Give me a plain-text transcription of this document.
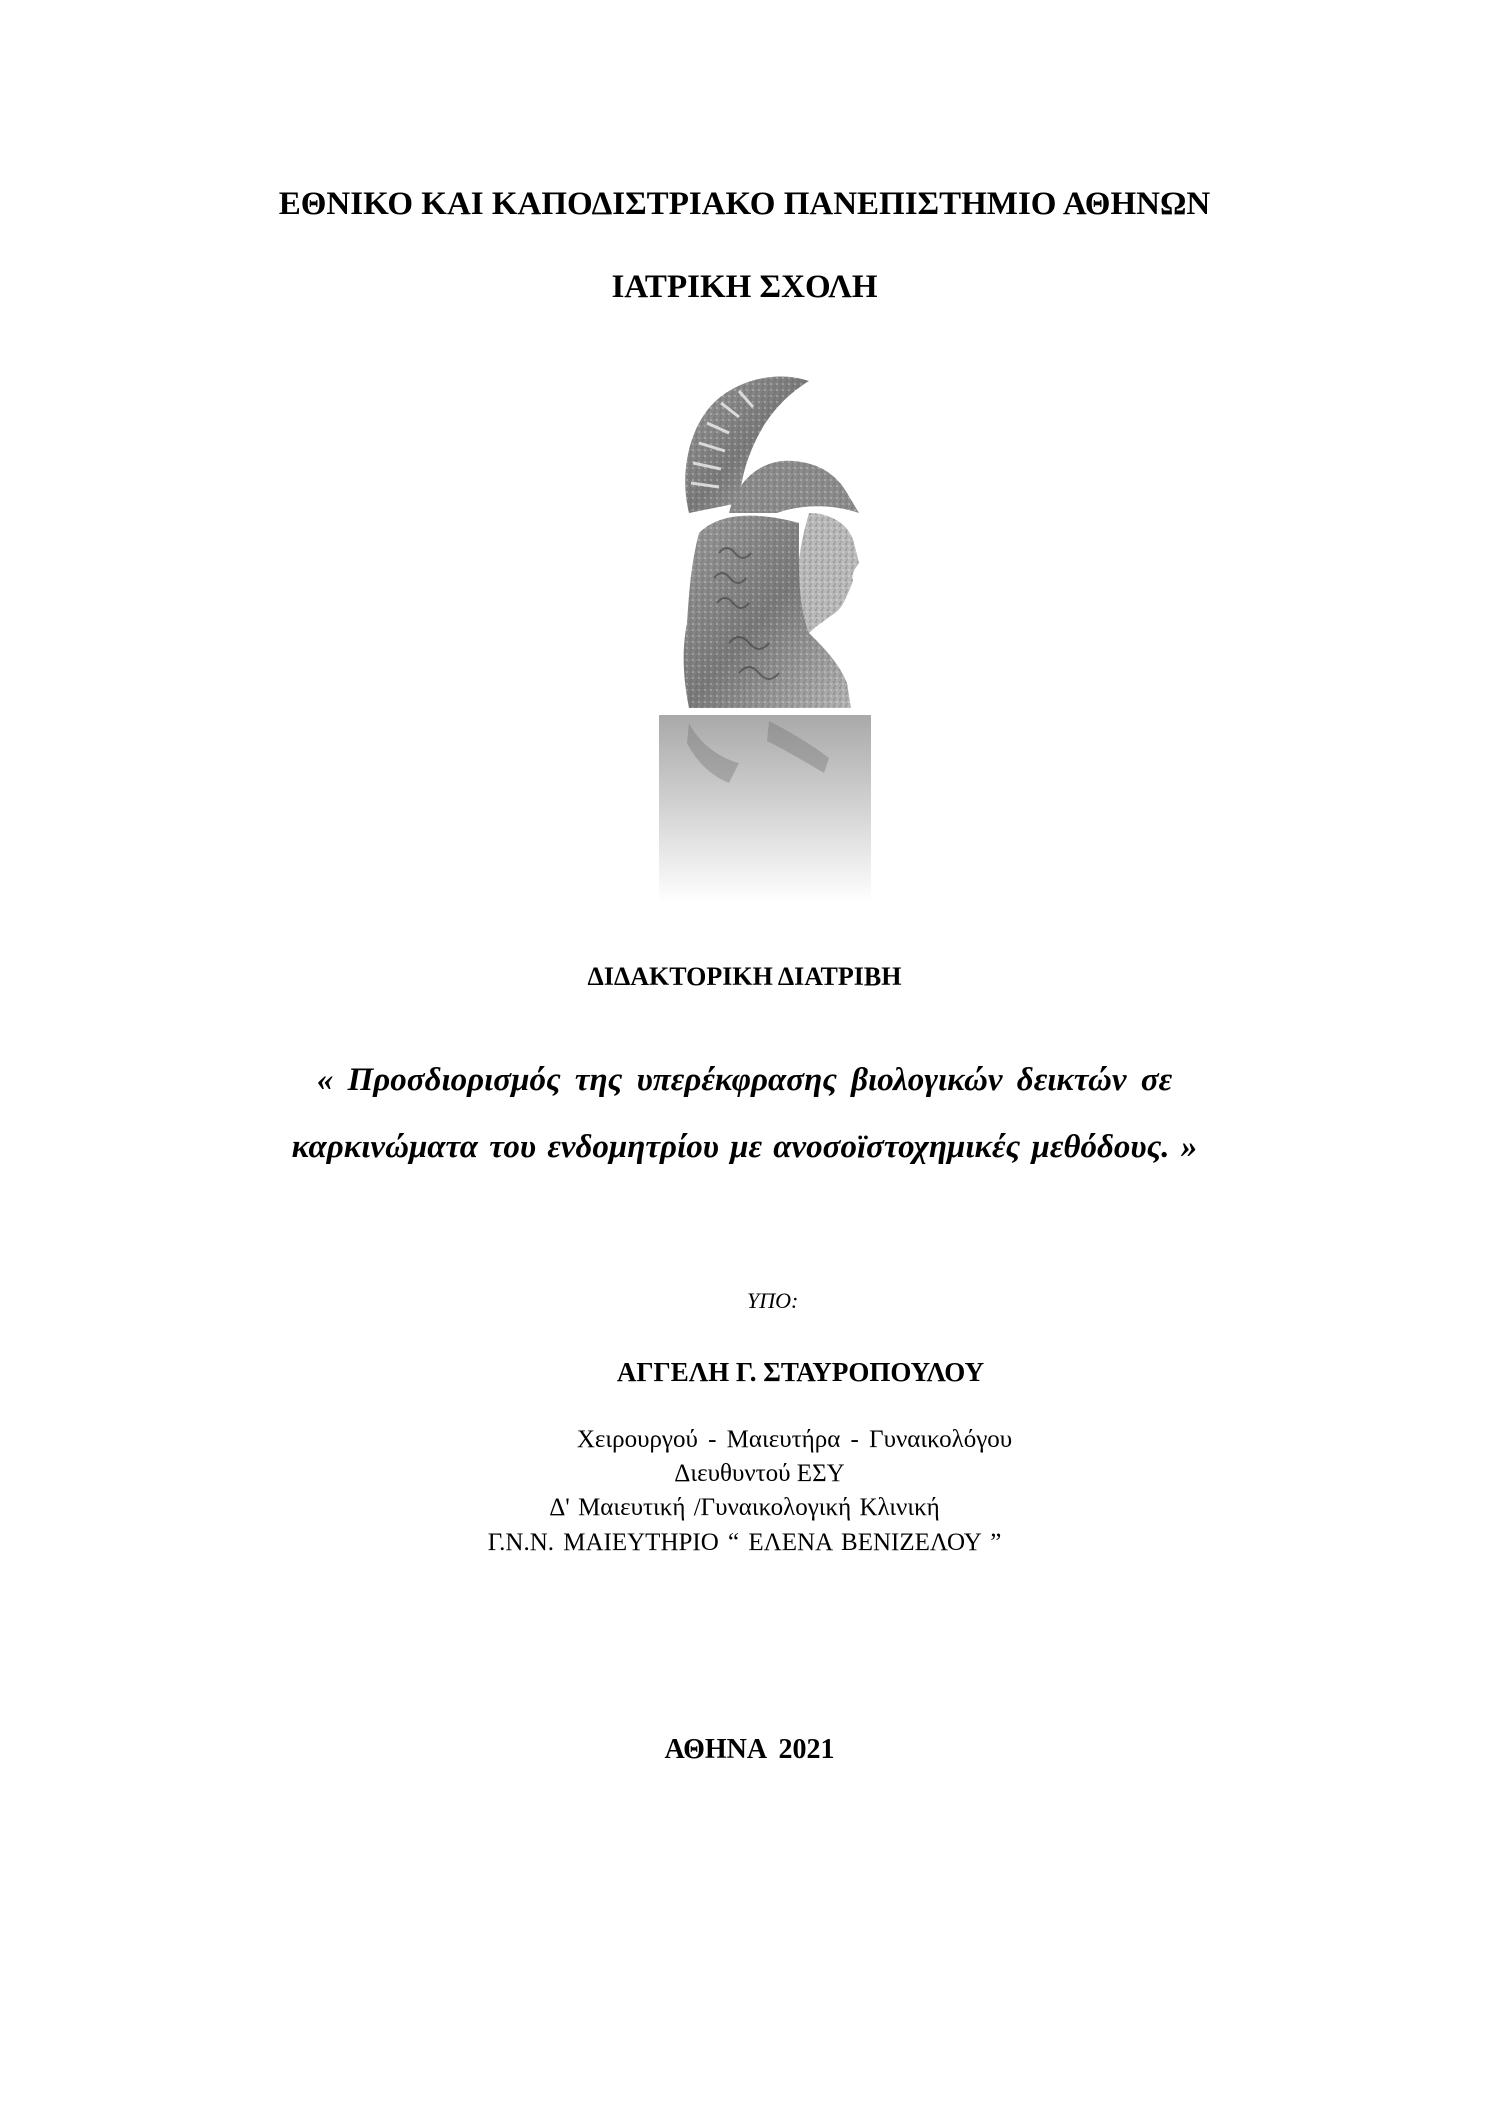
ΕΘΝΙΚΟ ΚΑΙ ΚΑΠΟΔΙΣΤΡΙΑΚΟ ΠΑΝΕΠΙΣΤΗΜΙΟ ΑΘΗΝΩΝ
ΙΑΤΡΙΚΗ ΣΧΟΛΗ
ΔΙΔΑΚΤΟΡΙΚΗ ΔΙΑΤΡΙΒΗ
« Προσδιορισμός της υπερέκφρασης βιολογικών δεικτών σε
καρκινώματα του ενδομητρίου με ανοσοϊστοχημικές μεθόδους. »
ΥΠΟ:
ΑΓΓΕΛΗ Γ. ΣΤΑΥΡΟΠΟΥΛΟΥ
Χειρουργού - Μαιευτήρα - Γυναικολόγου
Διευθυντού ΕΣΥ
Δ' Μαιευτική /Γυναικολογική Κλινική
Γ.Ν.Ν. ΜΑΙΕΥΤΗΡΙΟ “ ΕΛΕΝΑ ΒΕΝΙΖΕΛΟΥ ”
ΑΘΗΝΑ 2021
